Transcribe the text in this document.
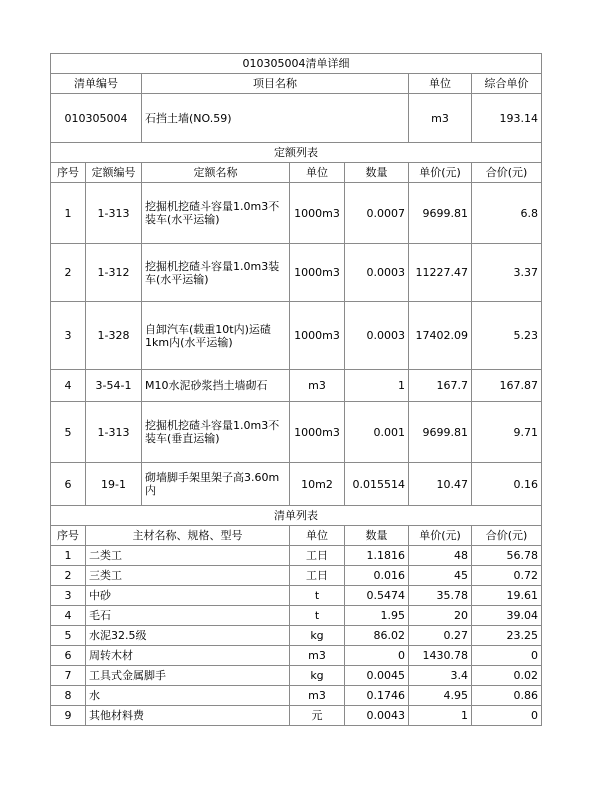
010305004清单详细						
清单编号		项目名称			单位	综合单价
010305004		石挡土墙(NO.59)			m3	193.14
定额列表						
序号	定额编号	定额名称	单位	数量	单价(元)	合价(元)
1	1-313	挖掘机挖碴斗容量1.0m3不装车(水平运输)	1000m3	0.0007	9699.81	6.8
2	1-312	挖掘机挖碴斗容量1.0m3装车(水平运输)	1000m3	0.0003	11227.47	3.37
3	1-328	自卸汽车(载重10t内)运碴1km内(水平运输)	1000m3	0.0003	17402.09	5.23
4	3-54-1	M10水泥砂浆挡土墙砌石	m3	1	167.7	167.87
5	1-313	挖掘机挖碴斗容量1.0m3不装车(垂直运输)	1000m3	0.001	9699.81	9.71
6	19-1	砌墙脚手架里架子高3.60m内	10m2	0.015514	10.47	0.16
清单列表						
序号	主材名称、规格、型号		单位	数量	单价(元)	合价(元)
1	二类工		工日	1.1816	48	56.78
2	三类工		工日	0.016	45	0.72
3	中砂		t	0.5474	35.78	19.61
4	毛石		t	1.95	20	39.04
5	水泥32.5级		kg	86.02	0.27	23.25
6	周转木材		m3	0	1430.78	0
7	工具式金属脚手		kg	0.0045	3.4	0.02
8	水		m3	0.1746	4.95	0.86
9	其他材料费		元	0.0043	1	0
